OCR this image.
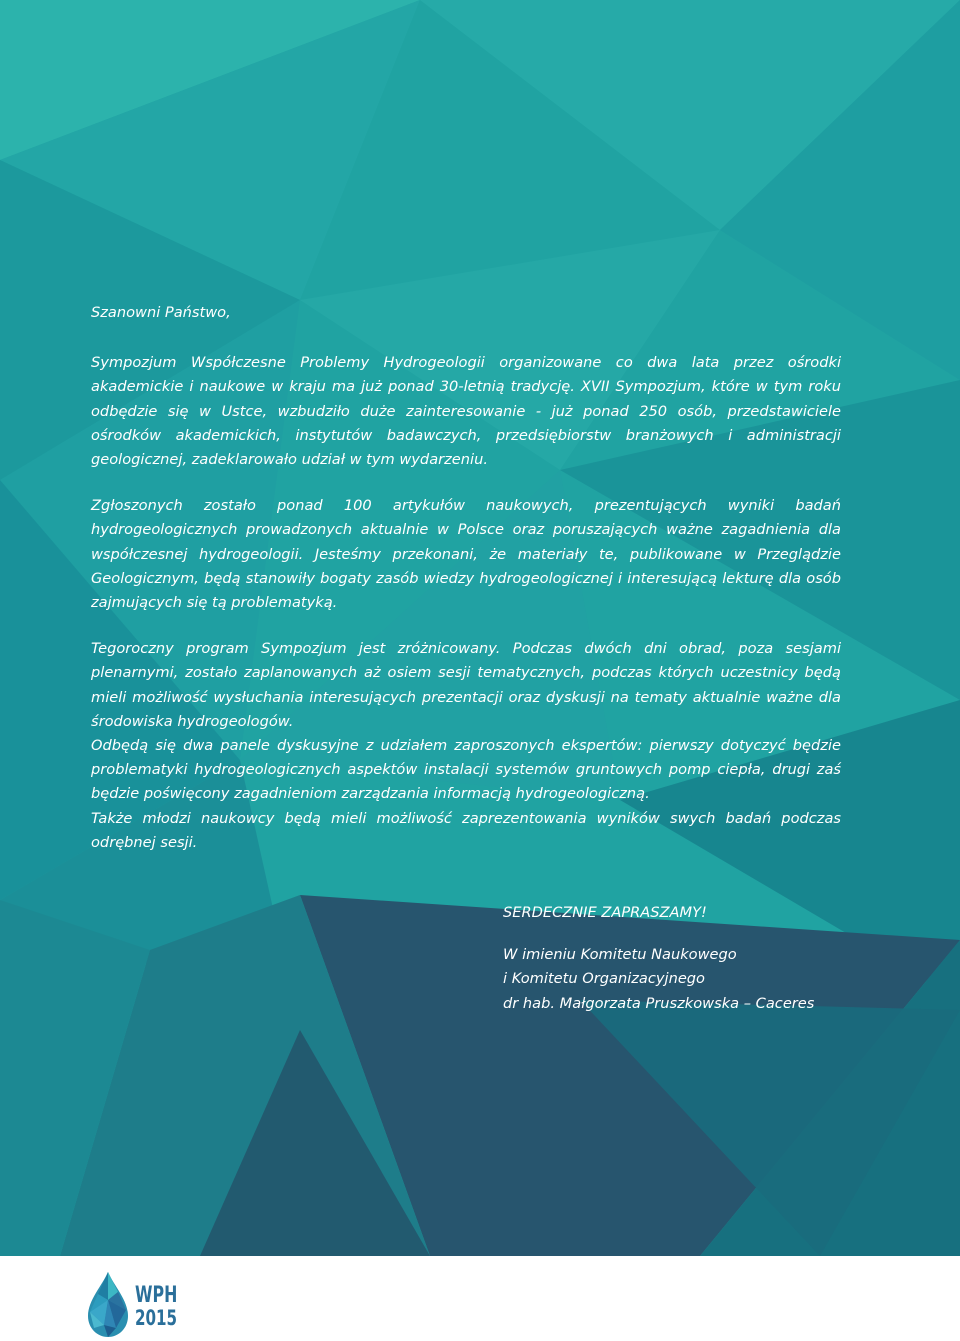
Szanowni Państwo,

Sympozjum Współczesne Problemy Hydrogeologii organizowane co dwa lata przez ośrodki akademickie i naukowe w kraju ma już ponad 30-letnią tradycję. XVII Sympozjum, które w tym roku odbędzie się w Ustce, wzbudziło duże zainteresowanie - już ponad 250 osób, przedstawiciele ośrodków akademickich, instytutów badawczych, przedsiębiorstw branżowych i administracji geologicznej, zadeklarowało udział w tym wydarzeniu.

Zgłoszonych zostało ponad 100 artykułów naukowych, prezentujących wyniki badań hydrogeologicznych prowadzonych aktualnie w Polsce oraz poruszających ważne zagadnienia dla współczesnej hydrogeologii. Jesteśmy przekonani, że materiały te, publikowane w Przeglądzie Geologicznym, będą stanowiły bogaty zasób wiedzy hydrogeologicznej i interesującą lekturę dla osób zajmujących się tą problematyką.

Tegoroczny program Sympozjum jest zróżnicowany. Podczas dwóch dni obrad, poza sesjami plenarnymi, zostało zaplanowanych aż osiem sesji tematycznych, podczas których uczestnicy będą mieli możliwość wysłuchania interesujących prezentacji oraz dyskusji na tematy aktualnie ważne dla środowiska hydrogeologów.

Odbędą się dwa panele dyskusyjne z udziałem zaproszonych ekspertów: pierwszy dotyczyć będzie problematyki hydrogeologicznych aspektów instalacji systemów gruntowych pomp ciepła, drugi zaś będzie poświęcony zagadnieniom zarządzania informacją hydrogeologiczną.

Także młodzi naukowcy będą mieli możliwość zaprezentowania wyników swych badań podczas odrębnej sesji.

SERDECZNIE ZAPRASZAMY!

W imieniu Komitetu Naukowego

i Komitetu Organizacyjnego

dr hab. Małgorzata Pruszkowska – Caceres

WPH
2015
